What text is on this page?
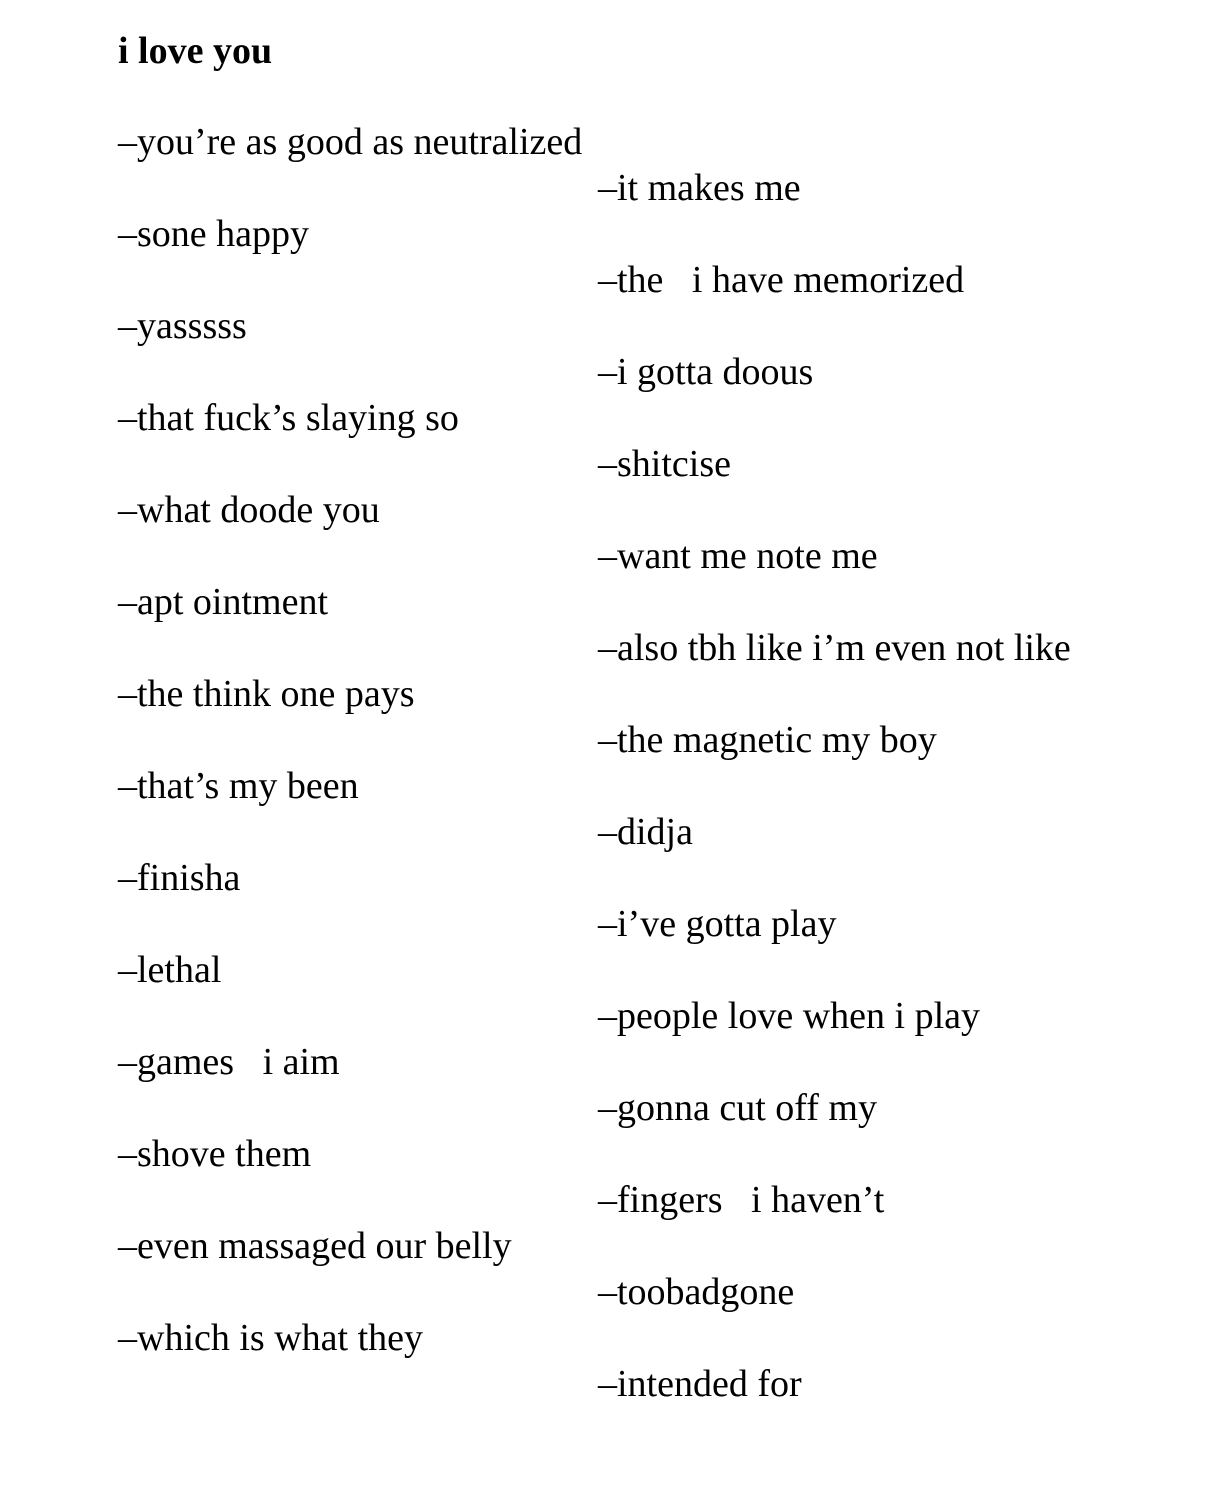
i love you
–you’re as good as neutralized
–sone happy
–yasssss
–that fuck’s slaying so
–what doode you
–apt ointment
–the think one pays
–that’s my been
–finisha
–lethal
–games   i aim
–shove them
–even massaged our belly
–which is what they
–it makes me
–the   i have memorized
–i gotta doous
–shitcise
–want me note me
–also tbh like i’m even not like
–the magnetic my boy
–didja
–i’ve gotta play
–people love when i play
–gonna cut off my
–fingers   i haven’t
–toobadgone
–intended for
